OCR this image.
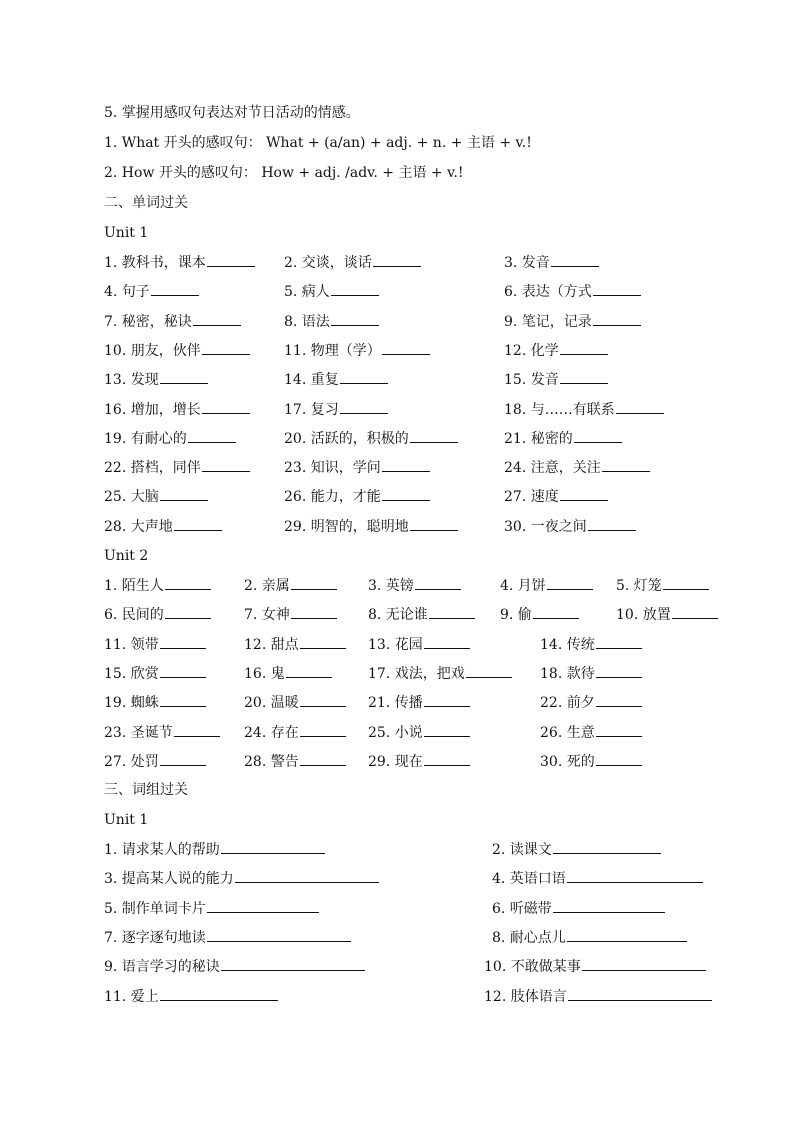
5. 掌握用感叹句表达对节日活动的情感。
1. What 开头的感叹句： What + (a/an) + adj. + n. + 主语 + v.!
2. How 开头的感叹句： How + adj. /adv. + 主语 + v.!
二、单词过关
Unit 1
1. 教科书，课本	2. 交谈，谈话	3. 发音
4. 句子	5. 病人	6. 表达（方式
7. 秘密，秘诀	8. 语法	9. 笔记，记录
10. 朋友，伙伴	11. 物理（学）	12. 化学
13. 发现	14. 重复	15. 发音
16. 增加，增长	17. 复习	18. 与……有联系
19. 有耐心的	20. 活跃的，积极的	21. 秘密的
22. 搭档，同伴	23. 知识，学问	24. 注意，关注
25. 大脑	26. 能力，才能	27. 速度
28. 大声地	29. 明智的，聪明地	30. 一夜之间
Unit 2
1. 陌生人	2. 亲属	3. 英镑	4. 月饼	5. 灯笼
6. 民间的	7. 女神	8. 无论谁	9. 偷	10. 放置
11. 领带	12. 甜点	13. 花园	14. 传统
15. 欣赏	16. 鬼	17. 戏法，把戏	18. 款待
19. 蜘蛛	20. 温暖	21. 传播	22. 前夕
23. 圣诞节	24. 存在	25. 小说	26. 生意
27. 处罚	28. 警告	29. 现在	30. 死的
三、词组过关
Unit 1
1. 请求某人的帮助	2. 读课文
3. 提高某人说的能力	4. 英语口语
5. 制作单词卡片	6. 听磁带
7. 逐字逐句地读	8. 耐心点儿
9. 语言学习的秘诀	10. 不敢做某事
11. 爱上	12. 肢体语言
